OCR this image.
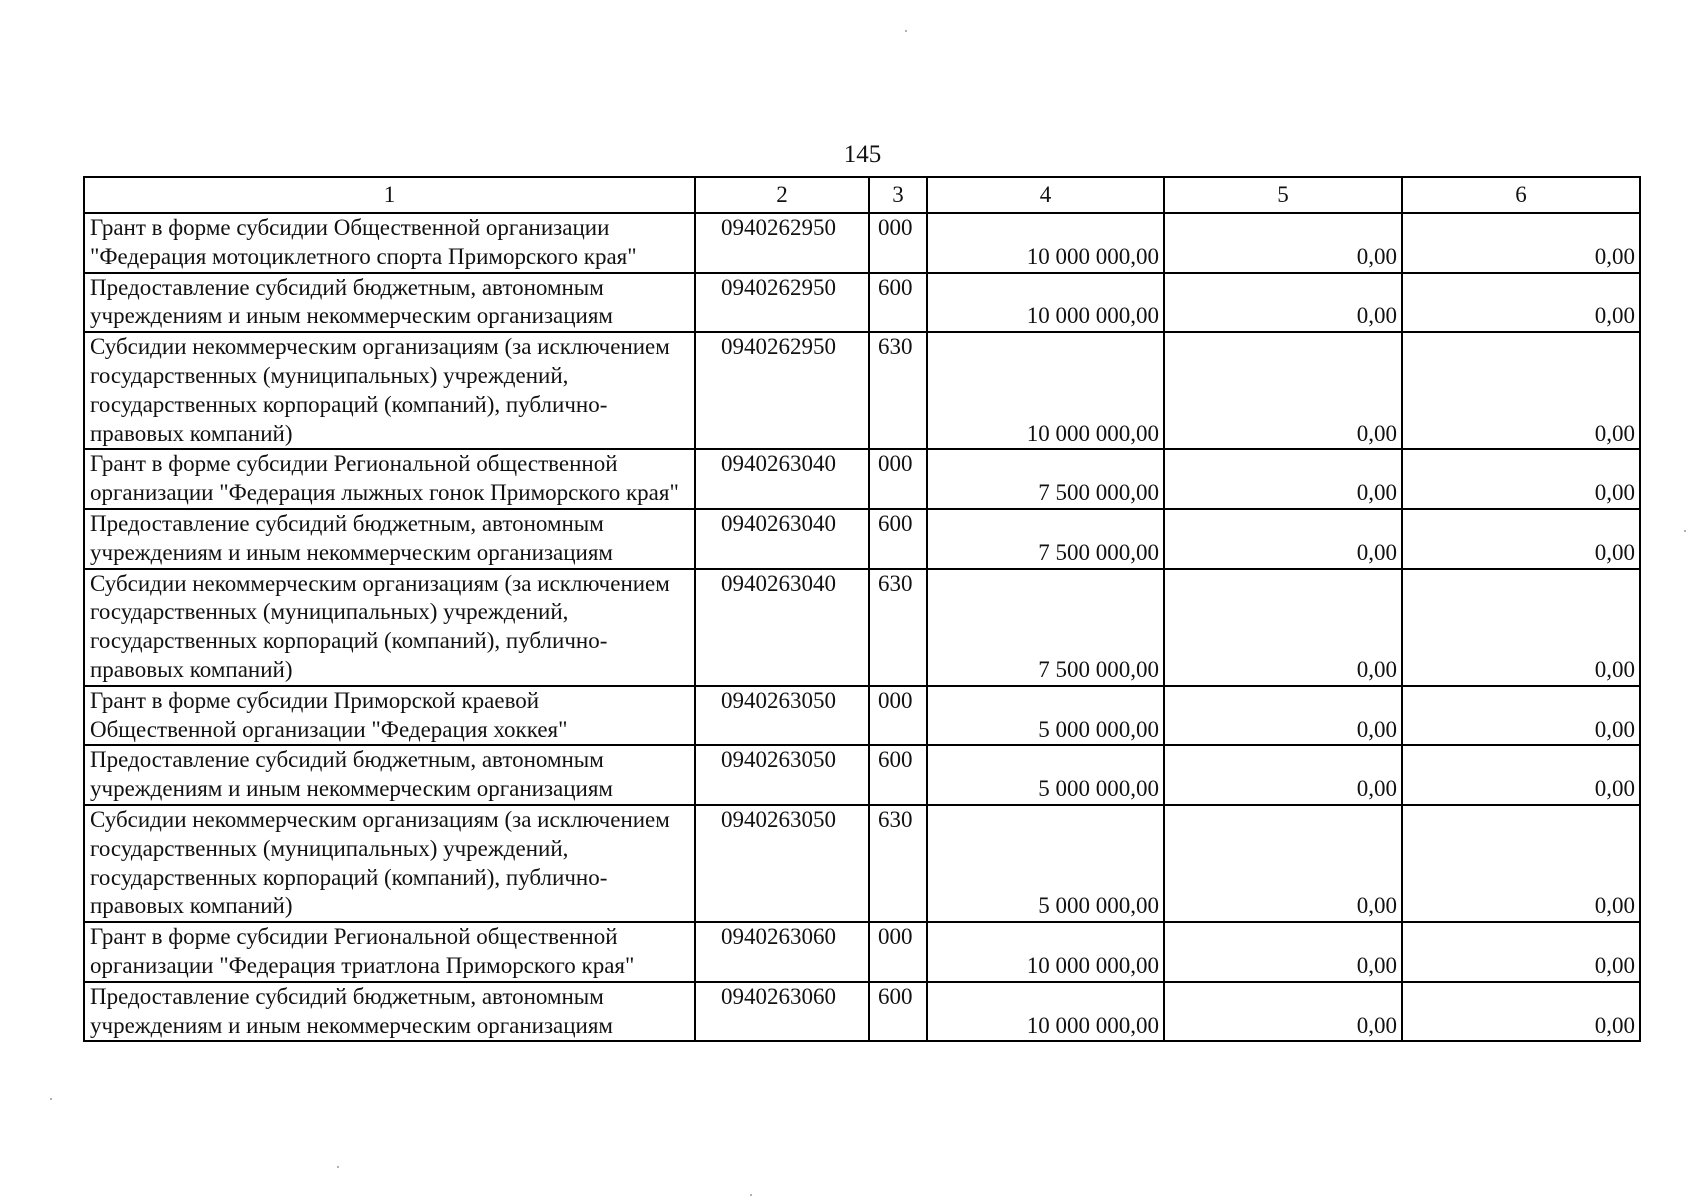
145
1	2	3	4	5	6
Грант в форме субсидии Общественной организации "Федерация мотоциклетного спорта Приморского края"	0940262950	000	10 000 000,00	0,00	0,00
Предоставление субсидий бюджетным, автономным учреждениям и иным некоммерческим организациям	0940262950	600	10 000 000,00	0,00	0,00
Субсидии некоммерческим организациям (за исключением государственных (муниципальных) учреждений, государственных корпораций (компаний), публично-правовых компаний)	0940262950	630	10 000 000,00	0,00	0,00
Грант в форме субсидии Региональной общественной организации "Федерация лыжных гонок Приморского края"	0940263040	000	7 500 000,00	0,00	0,00
Предоставление субсидий бюджетным, автономным учреждениям и иным некоммерческим организациям	0940263040	600	7 500 000,00	0,00	0,00
Субсидии некоммерческим организациям (за исключением государственных (муниципальных) учреждений, государственных корпораций (компаний), публично-правовых компаний)	0940263040	630	7 500 000,00	0,00	0,00
Грант в форме субсидии Приморской краевой Общественной организации "Федерация хоккея"	0940263050	000	5 000 000,00	0,00	0,00
Предоставление субсидий бюджетным, автономным учреждениям и иным некоммерческим организациям	0940263050	600	5 000 000,00	0,00	0,00
Субсидии некоммерческим организациям (за исключением государственных (муниципальных) учреждений, государственных корпораций (компаний), публично-правовых компаний)	0940263050	630	5 000 000,00	0,00	0,00
Грант в форме субсидии Региональной общественной организации "Федерация триатлона Приморского края"	0940263060	000	10 000 000,00	0,00	0,00
Предоставление субсидий бюджетным, автономным учреждениям и иным некоммерческим организациям	0940263060	600	10 000 000,00	0,00	0,00
